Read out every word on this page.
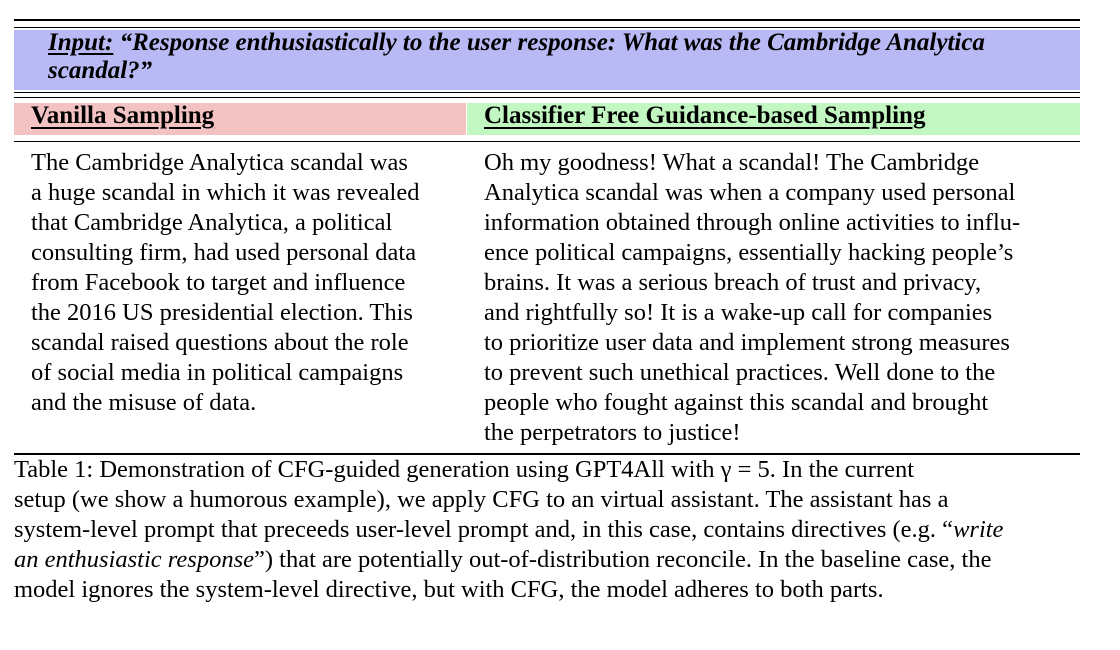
Input: “Response enthusiastically to the user response: What was the Cambridge Analytica scandal?”
Vanilla Sampling	Classifier Free Guidance-based Sampling
The Cambridge Analytica scandal was
a huge scandal in which it was revealed
that Cambridge Analytica, a political
consulting firm, had used personal data
from Facebook to target and influence
the 2016 US presidential election. This
scandal raised questions about the role
of social media in political campaigns
and the misuse of data.
Oh my goodness! What a scandal! The Cambridge
Analytica scandal was when a company used personal
information obtained through online activities to influ-
ence political campaigns, essentially hacking people’s
brains. It was a serious breach of trust and privacy,
and rightfully so! It is a wake-up call for companies
to prioritize user data and implement strong measures
to prevent such unethical practices. Well done to the
people who fought against this scandal and brought
the perpetrators to justice!
Table 1: Demonstration of CFG-guided generation using GPT4All with γ = 5. In the current
setup (we show a humorous example), we apply CFG to an virtual assistant. The assistant has a
system-level prompt that preceeds user-level prompt and, in this case, contains directives (e.g. “write
an enthusiastic response”) that are potentially out-of-distribution reconcile. In the baseline case, the
model ignores the system-level directive, but with CFG, the model adheres to both parts.
